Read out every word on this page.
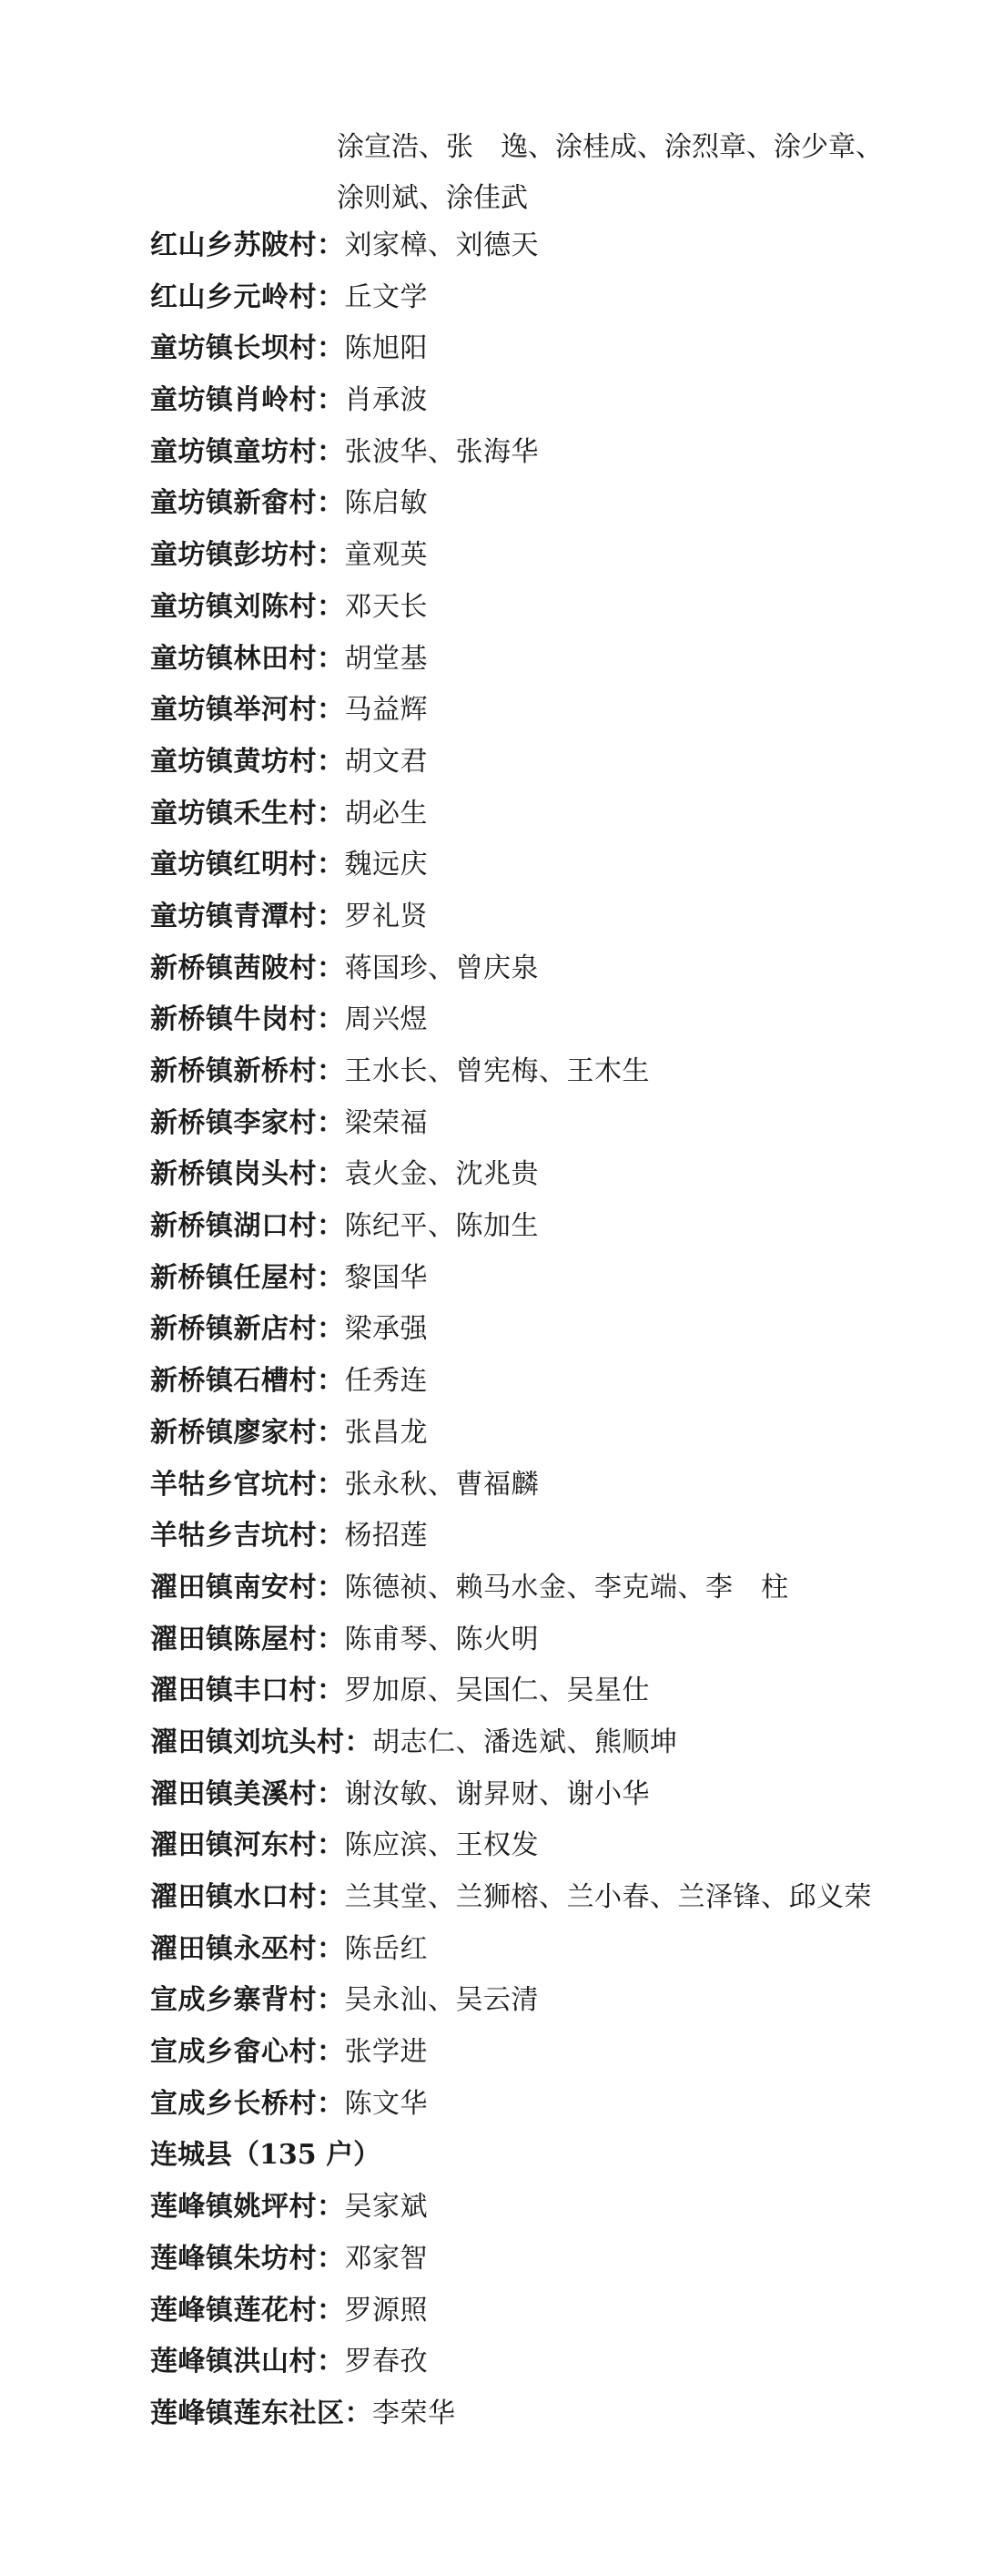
涂宣浩、张　逸、涂桂成、涂烈章、涂少章、
涂则斌、涂佳武
红山乡苏陂村： 刘家樟、刘德天
红山乡元岭村： 丘文学
童坊镇长坝村： 陈旭阳
童坊镇肖岭村： 肖承波
童坊镇童坊村： 张波华、张海华
童坊镇新畲村： 陈启敏
童坊镇彭坊村： 童观英
童坊镇刘陈村： 邓天长
童坊镇林田村： 胡堂基
童坊镇举河村： 马益辉
童坊镇黄坊村： 胡文君
童坊镇禾生村： 胡必生
童坊镇红明村： 魏远庆
童坊镇青潭村： 罗礼贤
新桥镇茜陂村： 蒋国珍、曾庆泉
新桥镇牛岗村： 周兴煜
新桥镇新桥村： 王水长、曾宪梅、王木生
新桥镇李家村： 梁荣福
新桥镇岗头村： 袁火金、沈兆贵
新桥镇湖口村： 陈纪平、陈加生
新桥镇任屋村： 黎国华
新桥镇新店村： 梁承强
新桥镇石槽村： 任秀连
新桥镇廖家村： 张昌龙
羊牯乡官坑村： 张永秋、曹福麟
羊牯乡吉坑村： 杨招莲
濯田镇南安村： 陈德祯、赖马水金、李克端、李　柱
濯田镇陈屋村： 陈甫琴、陈火明
濯田镇丰口村： 罗加原、吴国仁、吴星仕
濯田镇刘坑头村： 胡志仁、潘选斌、熊顺坤
濯田镇美溪村： 谢汝敏、谢昇财、谢小华
濯田镇河东村： 陈应滨、王权发
濯田镇水口村： 兰其堂、兰狮榕、兰小春、兰泽锋、邱义荣
濯田镇永巫村： 陈岳红
宣成乡寨背村： 吴永汕、吴云清
宣成乡畲心村： 张学进
宣成乡长桥村： 陈文华
连城县（135 户）
莲峰镇姚坪村： 吴家斌
莲峰镇朱坊村： 邓家智
莲峰镇莲花村： 罗源照
莲峰镇洪山村： 罗春孜
莲峰镇莲东社区： 李荣华
